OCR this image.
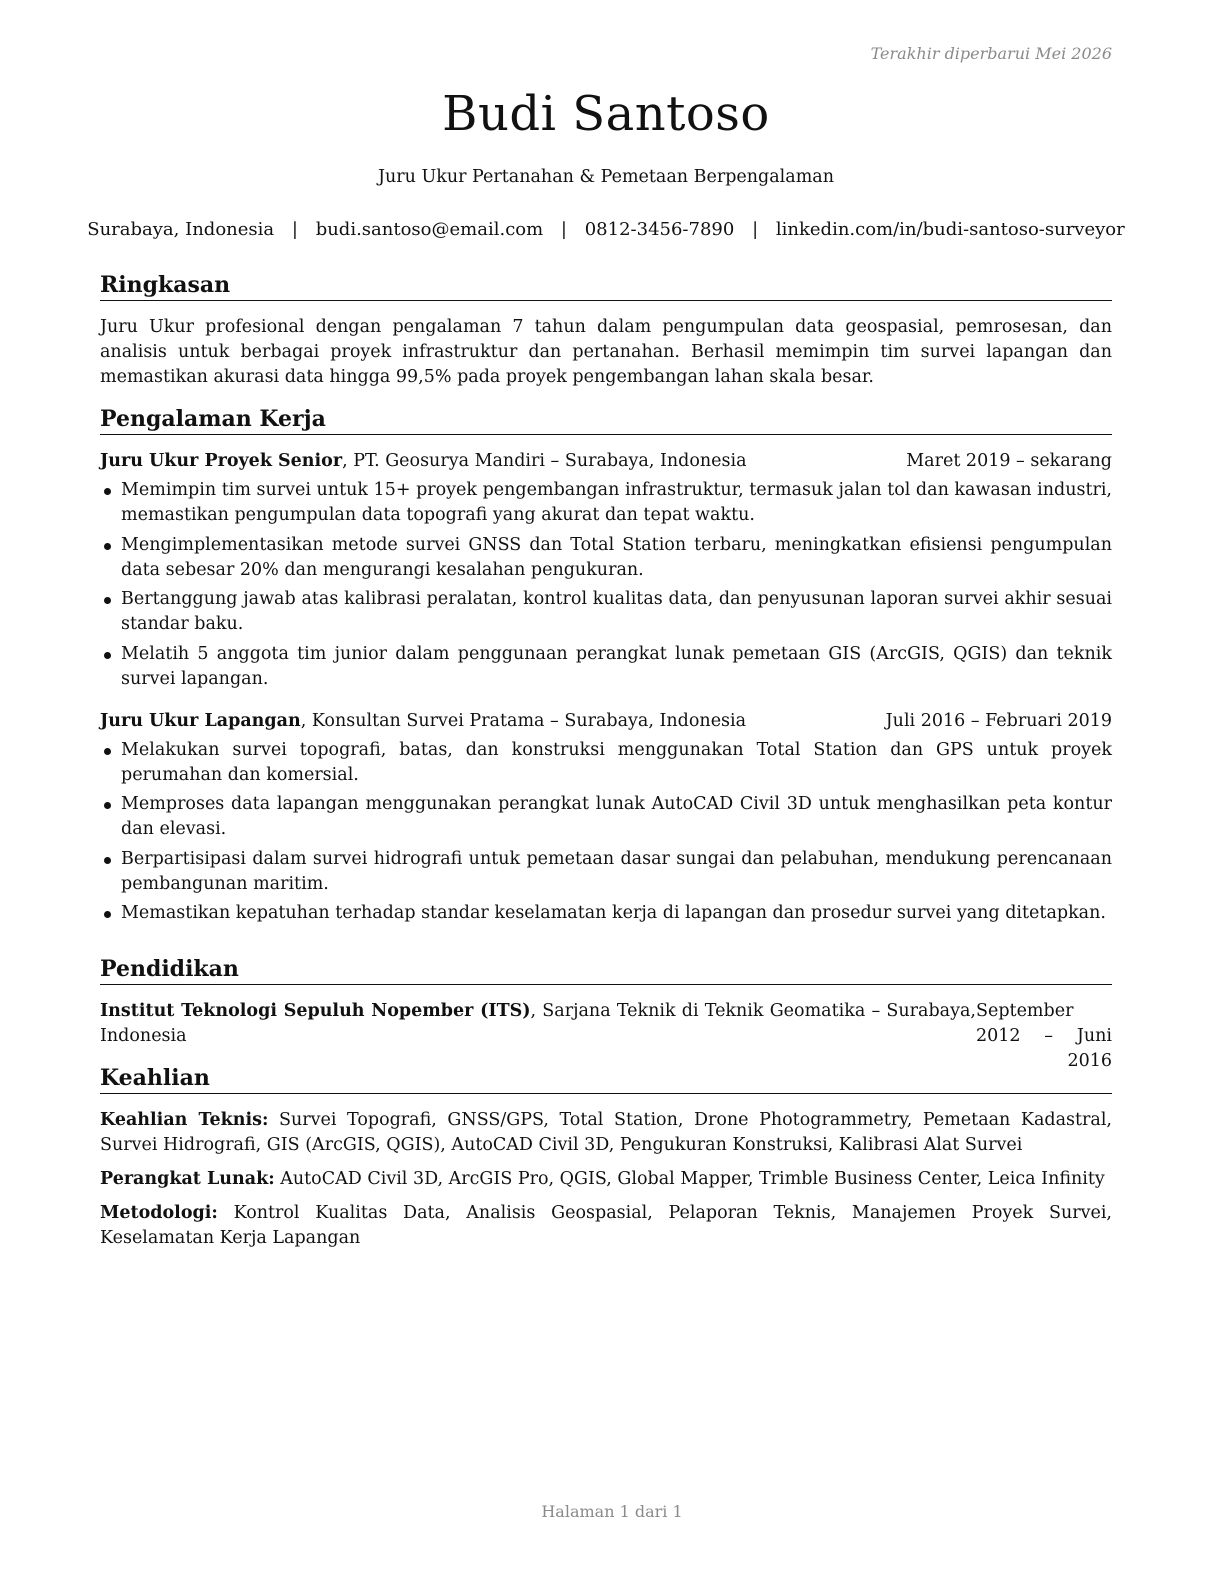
Terakhir diperbarui Mei 2026
Budi Santoso
Juru Ukur Pertanahan & Pemetaan Berpengalaman
Surabaya, Indonesia | budi.santoso@email.com | 0812-3456-7890 | linkedin.com/in/budi-santoso-surveyor
Ringkasan
Juru Ukur profesional dengan pengalaman 7 tahun dalam pengumpulan data geospasial, pemrosesan, dan analisis untuk berbagai proyek infrastruktur dan pertanahan. Berhasil memimpin tim survei lapangan dan memastikan akurasi data hingga 99,5% pada proyek pengembangan lahan skala besar.
Pengalaman Kerja
Juru Ukur Proyek Senior, PT. Geosurya Mandiri – Surabaya, Indonesia	Maret 2019 – sekarang
Memimpin tim survei untuk 15+ proyek pengembangan infrastruktur, termasuk jalan tol dan kawasan industri, memastikan pengumpulan data topografi yang akurat dan tepat waktu.
Mengimplementasikan metode survei GNSS dan Total Station terbaru, meningkatkan efisiensi pengumpulan data sebesar 20% dan mengurangi kesalahan pengukuran.
Bertanggung jawab atas kalibrasi peralatan, kontrol kualitas data, dan penyusunan laporan survei akhir sesuai standar baku.
Melatih 5 anggota tim junior dalam penggunaan perangkat lunak pemetaan GIS (ArcGIS, QGIS) dan teknik survei lapangan.
Juru Ukur Lapangan, Konsultan Survei Pratama – Surabaya, Indonesia	Juli 2016 – Februari 2019
Melakukan survei topografi, batas, dan konstruksi menggunakan Total Station dan GPS untuk proyek perumahan dan komersial.
Memproses data lapangan menggunakan perangkat lunak AutoCAD Civil 3D untuk menghasilkan peta kontur dan elevasi.
Berpartisipasi dalam survei hidrografi untuk pemetaan dasar sungai dan pelabuhan, mendukung perencanaan pembangunan maritim.
Memastikan kepatuhan terhadap standar keselamatan kerja di lapangan dan prosedur survei yang ditetapkan.
Pendidikan
Institut Teknologi Sepuluh Nopember (ITS), Sarjana Teknik di Teknik Geomatika – Surabaya, Indonesia
September 2012 – Juni 2016
Keahlian
Keahlian Teknis: Survei Topografi, GNSS/GPS, Total Station, Drone Photogrammetry, Pemetaan Kadastral, Survei Hidrografi, GIS (ArcGIS, QGIS), AutoCAD Civil 3D, Pengukuran Konstruksi, Kalibrasi Alat Survei
Perangkat Lunak: AutoCAD Civil 3D, ArcGIS Pro, QGIS, Global Mapper, Trimble Business Center, Leica Infinity
Metodologi: Kontrol Kualitas Data, Analisis Geospasial, Pelaporan Teknis, Manajemen Proyek Survei, Keselamatan Kerja Lapangan
Halaman 1 dari 1
